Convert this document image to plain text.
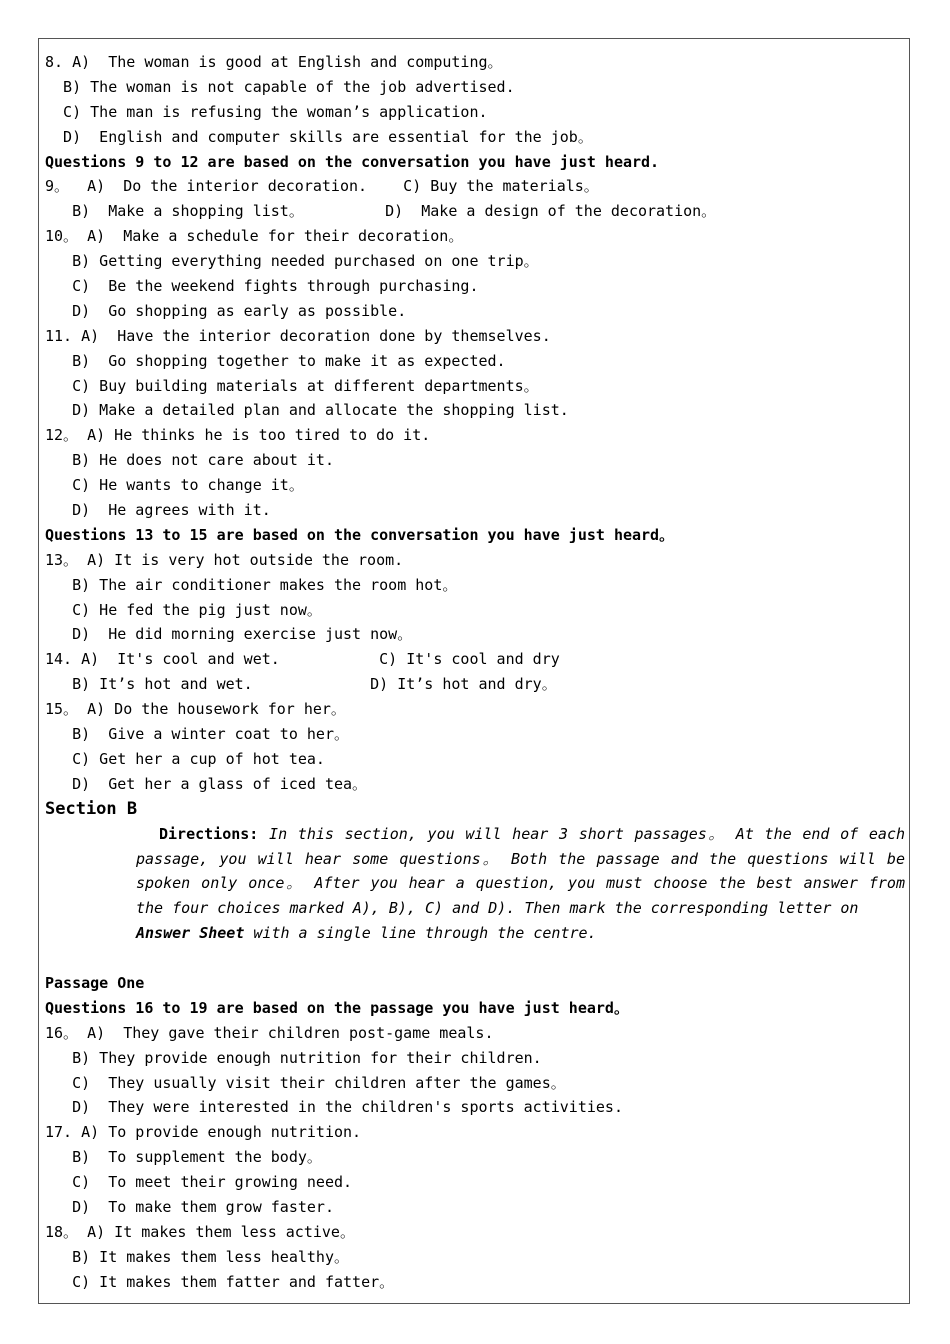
8. A)  The woman is good at English and computing。
B) The woman is not capable of the job advertised.
C) The man is refusing the woman’s application.
D)  English and computer skills are essential for the job。
Questions 9 to 12 are based on the conversation you have just heard.
9。  A)  Do the interior decoration.    C) Buy the materials。
B)  Make a shopping list。         D)  Make a design of the decoration。
10。 A)  Make a schedule for their decoration。
B) Getting everything needed purchased on one trip。
C)  Be the weekend fights through purchasing.
D)  Go shopping as early as possible.
11. A)  Have the interior decoration done by themselves.
B)  Go shopping together to make it as expected.
C) Buy building materials at different departments。
D) Make a detailed plan and allocate the shopping list.
12。 A) He thinks he is too tired to do it.
B) He does not care about it.
C) He wants to change it。
D)  He agrees with it.
Questions 13 to 15 are based on the conversation you have just heard。
13。 A) It is very hot outside the room.
B) The air conditioner makes the room hot。
C) He fed the pig just now。
D)  He did morning exercise just now。
14. A)  It's cool and wet.           C) It's cool and dry
B) It’s hot and wet.             D) It’s hot and dry。
15。 A) Do the housework for her。
B)  Give a winter coat to her。
C) Get her a cup of hot tea.
D)  Get her a glass of iced tea。
Section B
Directions: In this section, you will hear 3 short passages。 At the end of each passage, you will hear some questions。 Both the passage and the questions will be spoken only once。 After you hear a question, you must choose the best answer from the four choices marked A), B), C) and D). Then mark the corresponding letter on
Answer Sheet with a single line through the centre.
Passage One
Questions 16 to 19 are based on the passage you have just heard。
16。 A)  They gave their children post-game meals.
B) They provide enough nutrition for their children.
C)  They usually visit their children after the games。
D)  They were interested in the children's sports activities.
17. A) To provide enough nutrition.
B)  To supplement the body。
C)  To meet their growing need.
D)  To make them grow faster.
18。 A) It makes them less active。
B) It makes them less healthy。
C) It makes them fatter and fatter。
